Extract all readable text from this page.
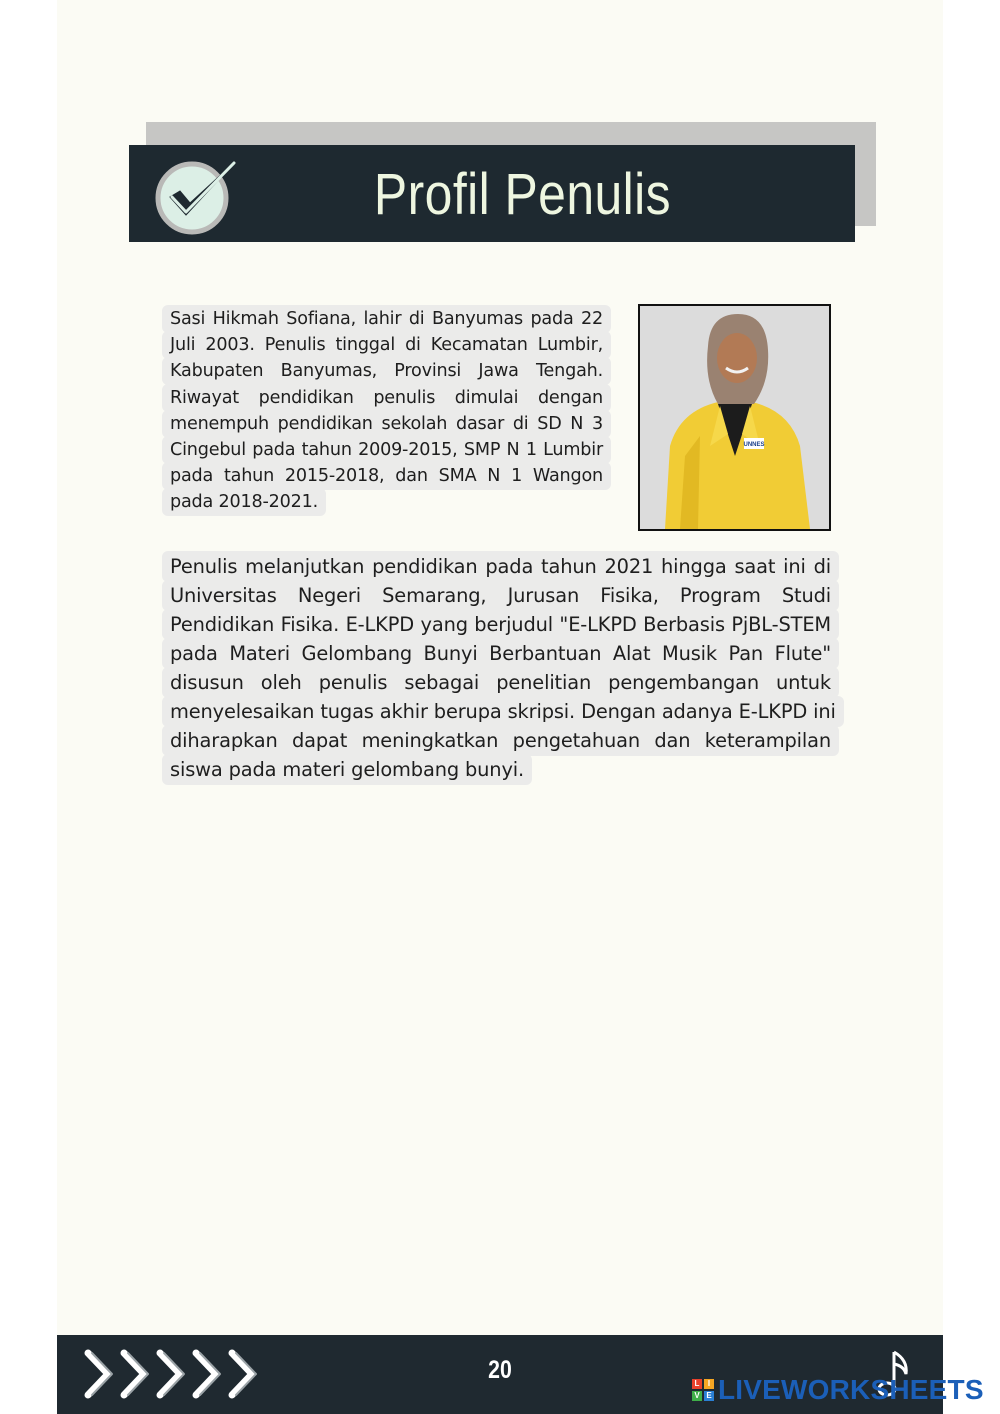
Profil Penulis

Sasi Hikmah Sofiana, lahir di Banyumas pada 22 Juli 2003. Penulis tinggal di Kecamatan Lumbir, Kabupaten Banyumas, Provinsi Jawa Tengah. Riwayat pendidikan penulis dimulai dengan menempuh pendidikan sekolah dasar di SD N 3 Cingebul pada tahun 2009-2015, SMP N 1 Lumbir pada tahun 2015-2018, dan SMA N 1 Wangon pada 2018-2021.

UNNES

Penulis melanjutkan pendidikan pada tahun 2021 hingga saat ini di Universitas Negeri Semarang, Jurusan Fisika, Program Studi Pendidikan Fisika. E-LKPD yang berjudul "E-LKPD Berbasis PjBL-STEM pada Materi Gelombang Bunyi Berbantuan Alat Musik Pan Flute" disusun oleh penulis sebagai penelitian pengembangan untuk menyelesaikan tugas akhir berupa skripsi. Dengan adanya E-LKPD ini diharapkan dapat meningkatkan pengetahuan dan keterampilan siswa pada materi gelombang bunyi.

20	L	I
V E LIVEWORKSHEETS
